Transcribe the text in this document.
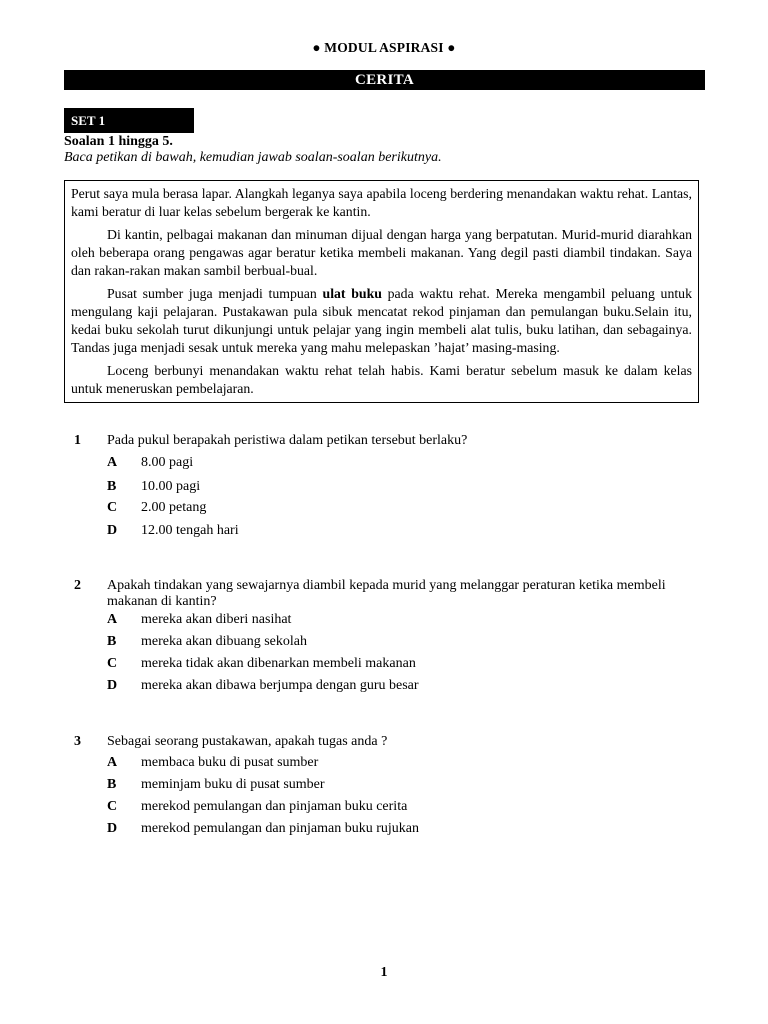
● MODUL ASPIRASI ●
CERITA
SET 1
Soalan 1 hingga 5.
Baca petikan di bawah, kemudian jawab soalan-soalan berikutnya.

Perut saya mula berasa lapar. Alangkah leganya saya apabila loceng berdering menandakan waktu rehat. Lantas, kami beratur di luar kelas sebelum bergerak ke kantin.

Di kantin, pelbagai makanan dan minuman dijual dengan harga yang berpatutan. Murid-murid diarahkan oleh beberapa orang pengawas agar beratur ketika membeli makanan. Yang degil pasti diambil tindakan. Saya dan rakan-rakan makan sambil berbual-bual.

Pusat sumber juga menjadi tumpuan ulat buku pada waktu rehat. Mereka mengambil peluang untuk mengulang kaji pelajaran. Pustakawan pula sibuk mencatat rekod pinjaman dan pemulangan buku.Selain itu, kedai buku sekolah turut dikunjungi untuk pelajar yang ingin membeli alat tulis, buku latihan, dan sebagainya. Tandas juga menjadi sesak untuk mereka yang mahu melepaskan ’hajat’ masing-masing.

Loceng berbunyi menandakan waktu rehat telah habis. Kami beratur sebelum masuk ke dalam kelas untuk meneruskan pembelajaran.

1 Pada pukul berapakah peristiwa dalam petikan tersebut berlaku?
A	8.00 pagi
B	10.00 pagi
C	2.00 petang
D	12.00 tengah hari
2 Apakah tindakan yang sewajarnya diambil kepada murid yang melanggar peraturan ketika membeli makanan di kantin?
A	mereka akan diberi nasihat
B	mereka akan dibuang sekolah
C	mereka tidak akan dibenarkan membeli makanan
D	mereka akan dibawa berjumpa dengan guru besar
3 Sebagai seorang pustakawan, apakah tugas anda ?
A	membaca buku di pusat sumber
B	meminjam buku di pusat sumber
C	merekod pemulangan dan pinjaman buku cerita
D	merekod pemulangan dan pinjaman buku rujukan
1
